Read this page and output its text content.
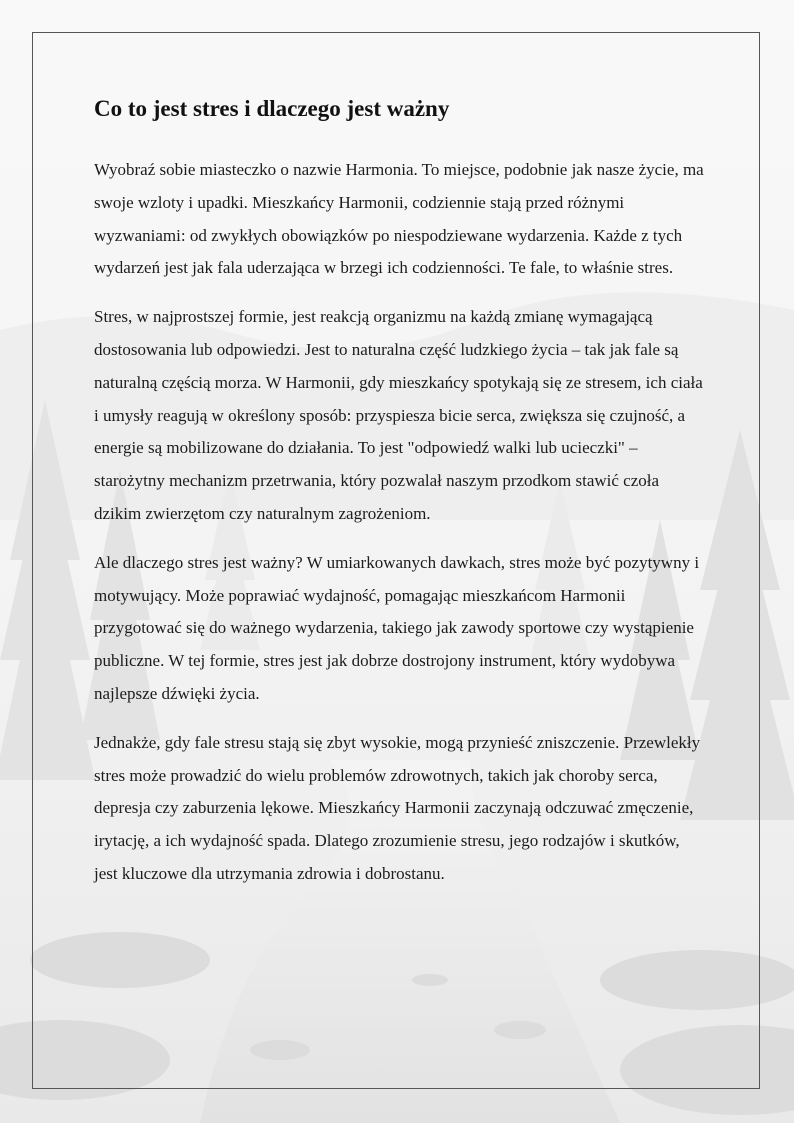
Co to jest stres i dlaczego jest ważny

Wyobraź sobie miasteczko o nazwie Harmonia. To miejsce, podobnie jak nasze życie, ma swoje wzloty i upadki. Mieszkańcy Harmonii, codziennie stają przed różnymi wyzwaniami: od zwykłych obowiązków po niespodziewane wydarzenia. Każde z tych wydarzeń jest jak fala uderzająca w brzegi ich codzienności. Te fale, to właśnie stres.

Stres, w najprostszej formie, jest reakcją organizmu na każdą zmianę wymagającą dostosowania lub odpowiedzi. Jest to naturalna część ludzkiego życia – tak jak fale są naturalną częścią morza. W Harmonii, gdy mieszkańcy spotykają się ze stresem, ich ciała i umysły reagują w określony sposób: przyspiesza bicie serca, zwiększa się czujność, a energie są mobilizowane do działania. To jest "odpowiedź walki lub ucieczki" – starożytny mechanizm przetrwania, który pozwalał naszym przodkom stawić czoła dzikim zwierzętom czy naturalnym zagrożeniom.

Ale dlaczego stres jest ważny? W umiarkowanych dawkach, stres może być pozytywny i motywujący. Może poprawiać wydajność, pomagając mieszkańcom Harmonii przygotować się do ważnego wydarzenia, takiego jak zawody sportowe czy wystąpienie publiczne. W tej formie, stres jest jak dobrze dostrojony instrument, który wydobywa najlepsze dźwięki życia.

Jednakże, gdy fale stresu stają się zbyt wysokie, mogą przynieść zniszczenie. Przewlekły stres może prowadzić do wielu problemów zdrowotnych, takich jak choroby serca, depresja czy zaburzenia lękowe. Mieszkańcy Harmonii zaczynają odczuwać zmęczenie, irytację, a ich wydajność spada. Dlatego zrozumienie stresu, jego rodzajów i skutków, jest kluczowe dla utrzymania zdrowia i dobrostanu.
